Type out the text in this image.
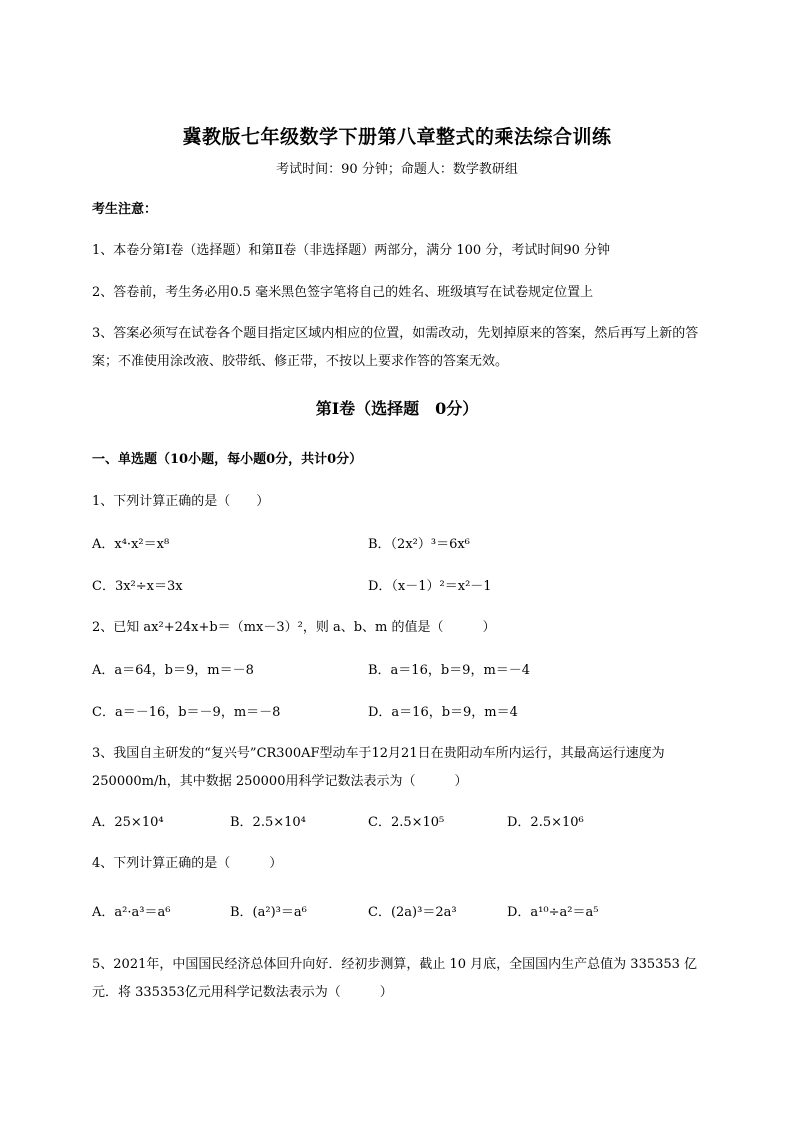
冀教版七年级数学下册第八章整式的乘法综合训练
考试时间：90 分钟；命题人：数学教研组
考生注意：
1、本卷分第Ⅰ卷（选择题）和第Ⅱ卷（非选择题）两部分，满分 100 分，考试时间90 分钟
2、答卷前，考生务必用0.5 毫米黑色签字笔将自己的姓名、班级填写在试卷规定位置上
3、答案必须写在试卷各个题目指定区域内相应的位置，如需改动，先划掉原来的答案，然后再写上新的答案；不准使用涂改液、胶带纸、修正带，不按以上要求作答的答案无效。
第Ⅰ卷（选择题　0分）
一、单选题（10小题，每小题0分，共计0分）
1、下列计算正确的是（　　）
A．x⁴·x²＝x⁸	B．（2x²）³＝6x⁶
C．3x²÷x＝3x	D．（x－1）²＝x²－1
2、已知 ax²+24x+b＝（mx－3）²，则 a、b、m 的值是（　　　）
A．a＝64，b＝9，m＝－8	B．a＝16，b＝9，m＝－4
C．a＝－16，b＝－9，m＝－8	D．a＝16，b＝9，m＝4
3、我国自主研发的“复兴号”CR300AF型动车于12月21日在贵阳动车所内运行，其最高运行速度为 250000m/h，其中数据 250000用科学记数法表示为（　　　）
A．25×10⁴	B．2.5×10⁴	C．2.5×10⁵	D．2.5×10⁶
4、下列计算正确的是（　　　）
A．a²·a³＝a⁶	B．(a²)³＝a⁶	C．(2a)³＝2a³	D．a¹⁰÷a²＝a⁵
5、2021年，中国国民经济总体回升向好．经初步测算，截止 10 月底，全国国内生产总值为 335353 亿元．将 335353亿元用科学记数法表示为（　　　）
